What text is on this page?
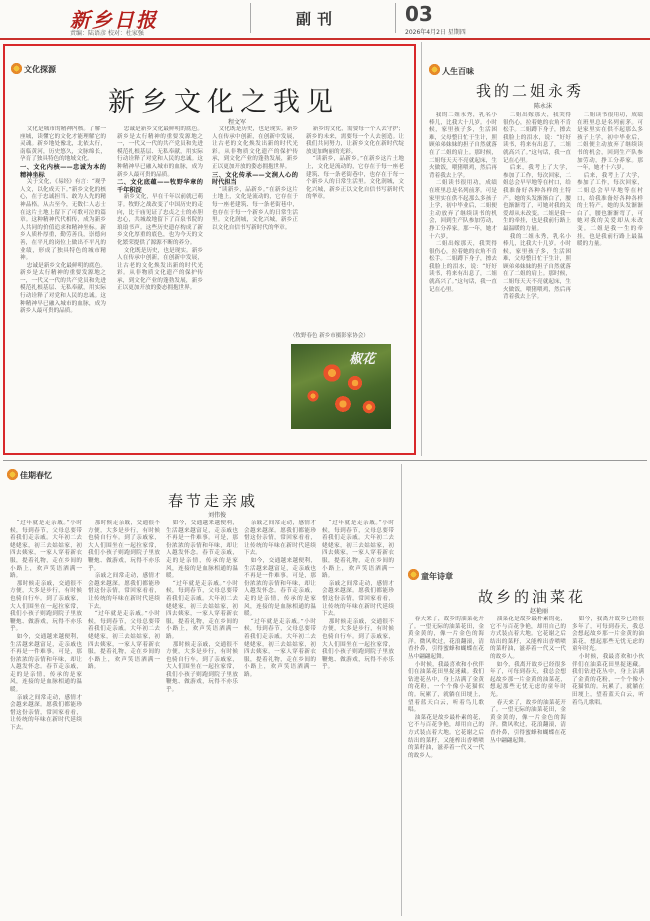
新乡日报
责编：陆语彦 校对：杜家强
副刊	03
2026年4月2日 星期四
文化探源
新乡文化之我见
程文军

文化是城市的精神内核。了解一座城，读懂它的文化才能理解它的灵魂。新乡地处豫北，北依太行，南临黄河，历史悠久，文脉绵长，孕育了独具特色的地域文化。

一、文化内核——忠诚为本的精神坐标

关于文化，《易经》有言：“观乎人文，以化成天下。”新乡文化的核心，在于忠诚担当、敢为人先的精神品格。从古至今，无数仁人志士在这片土地上留下了可歌可泣的篇章。这种精神代代相传，成为新乡人共同的价值追求和精神坐标。新乡人质朴厚重，勤劳善良，崇德向善，在平凡的岗位上做出不平凡的业绩，形成了独具特色的城市精神。

忠诚是新乡文化最鲜明的底色。新乡是太行精神的重要发源地之一，一代又一代的共产党员和先进模范扎根基层、无私奉献，用实际行动诠释了对党和人民的忠诚。这种精神早已融入城市的血脉，成为新乡人最可贵的品质。

忠诚是新乡文化最鲜明的底色。新乡是太行精神的重要发源地之一，一代又一代的共产党员和先进模范扎根基层、无私奉献，用实际行动诠释了对党和人民的忠诚。这种精神早已融入城市的血脉，成为新乡人最可贵的品质。

二、文化底蕴——牧野华章的千年积淀

新乡文化，早在千年以前就已萌芽。牧野之战改变了中国历史的走向，比干庙见证了忠贞之士的赤胆忠心，共城故地留下了百泉书院的琅琅书声。这些历史遗存构成了新乡文化厚重的底色，也为今天的文化繁荣提供了源源不断的养分。

文化既是历史，也是现实。新乡人在传承中创新，在创新中发展，让古老的文化焕发出新的时代光彩。从非物质文化遗产的保护传承，到文化产业的蓬勃发展，新乡正以更加开放的姿态拥抱世界。

文化既是历史，也是现实。新乡人在传承中创新，在创新中发展，让古老的文化焕发出新的时代光彩。从非物质文化遗产的保护传承，到文化产业的蓬勃发展，新乡正以更加开放的姿态拥抱世界。

三、文化传承——文润人心的时代担当

“读新乡，品新乡。”在新乡这片土地上，文化是流动的，它存在于每一座老建筑、每一条老街巷中，也存在于每一个新乡人的日常生活里。文化润城，文化兴城，新乡正以文化自信书写新时代的华章。

新乡的文化，需要每一个人去守护；新乡的未来，需要每一个人去创造。让我们共同努力，让新乡文化在新时代绽放更加绚丽的光彩。

“读新乡，品新乡。”在新乡这片土地上，文化是流动的，它存在于每一座老建筑、每一条老街巷中，也存在于每一个新乡人的日常生活里。文化润城，文化兴城，新乡正以文化自信书写新时代的华章。

（牧野春色 新乡市摄影家协会）
椒花
人生百味
我的二姐永秀
陈永沫

我的二姐永秀，乳名小棒儿，比我大十几岁。小时候，家里孩子多，生活困难，父母整日忙于生计，照顾弟弟妹妹的担子自然就落在了二姐的肩上。那时候，二姐每天天不亮就起床，生火做饭，喂猪喂鸡，然后再背着我去上学。

二姐读书很用功，成绩在班里总是名列前茅。可是家里实在供不起那么多孩子上学，初中毕业后，二姐便主动放弃了继续读书的机会，回到生产队参加劳动，挣工分养家。那一年，她才十六岁。

二姐出嫁那天，我哭得很伤心，拉着她的衣角不肯松手。二姐蹲下身子，擦去我脸上的泪水，说：“好好读书，将来有出息了，二姐就高兴了。”这句话，我一直记在心里。

二姐出嫁那天，我哭得很伤心，拉着她的衣角不肯松手。二姐蹲下身子，擦去我脸上的泪水，说：“好好读书，将来有出息了，二姐就高兴了。”这句话，我一直记在心里。

后来，我考上了大学，参加了工作，每次回家，二姐总会早早地等在村口，给我准备好各种各样的土特产。她的头发渐渐白了，腰也渐渐弯了，可她对我的关爱却从未改变。二姐是我一生的牵挂，也是我前行路上最温暖的力量。

我的二姐永秀，乳名小棒儿，比我大十几岁。小时候，家里孩子多，生活困难，父母整日忙于生计，照顾弟弟妹妹的担子自然就落在了二姐的肩上。那时候，二姐每天天不亮就起床，生火做饭，喂猪喂鸡，然后再背着我去上学。

二姐读书很用功，成绩在班里总是名列前茅。可是家里实在供不起那么多孩子上学，初中毕业后，二姐便主动放弃了继续读书的机会，回到生产队参加劳动，挣工分养家。那一年，她才十六岁。

后来，我考上了大学，参加了工作，每次回家，二姐总会早早地等在村口，给我准备好各种各样的土特产。她的头发渐渐白了，腰也渐渐弯了，可她对我的关爱却从未改变。二姐是我一生的牵挂，也是我前行路上最温暖的力量。

佳期春忆
春节走亲戚
刘伟俊

“过年就是走亲戚。”小时候，每到春节，父母总要带着我们走亲戚。大年初二去姥姥家，初三去姑姑家，初四去姨家，一家人穿着新衣服，提着礼物，走在乡间的小路上，欢声笑语洒满一路。

那时候走亲戚，交通很不方便，大多是步行，有时候也骑自行车。到了亲戚家，大人们围坐在一起拉家常，我们小孩子则跑到院子里放鞭炮、做游戏，玩得不亦乐乎。

如今，交通越来越便利，生活越来越富足，走亲戚也不再是一件难事。可是，那份浓浓的亲情和年味，却让人越发怀念。春节走亲戚，走的是亲情，传承的是家风，连接的是血脉相通的温暖。

亲戚之间常走动，感情才会越来越深。愿我们都能珍惜这份亲情，常回家看看，让传统的年味在新时代延续下去。

那时候走亲戚，交通很不方便，大多是步行，有时候也骑自行车。到了亲戚家，大人们围坐在一起拉家常，我们小孩子则跑到院子里放鞭炮、做游戏，玩得不亦乐乎。

亲戚之间常走动，感情才会越来越深。愿我们都能珍惜这份亲情，常回家看看，让传统的年味在新时代延续下去。

“过年就是走亲戚。”小时候，每到春节，父母总要带着我们走亲戚。大年初二去姥姥家，初三去姑姑家，初四去姨家，一家人穿着新衣服，提着礼物，走在乡间的小路上，欢声笑语洒满一路。

如今，交通越来越便利，生活越来越富足，走亲戚也不再是一件难事。可是，那份浓浓的亲情和年味，却让人越发怀念。春节走亲戚，走的是亲情，传承的是家风，连接的是血脉相通的温暖。

“过年就是走亲戚。”小时候，每到春节，父母总要带着我们走亲戚。大年初二去姥姥家，初三去姑姑家，初四去姨家，一家人穿着新衣服，提着礼物，走在乡间的小路上，欢声笑语洒满一路。

那时候走亲戚，交通很不方便，大多是步行，有时候也骑自行车。到了亲戚家，大人们围坐在一起拉家常，我们小孩子则跑到院子里放鞭炮、做游戏，玩得不亦乐乎。

亲戚之间常走动，感情才会越来越深。愿我们都能珍惜这份亲情，常回家看看，让传统的年味在新时代延续下去。

如今，交通越来越便利，生活越来越富足，走亲戚也不再是一件难事。可是，那份浓浓的亲情和年味，却让人越发怀念。春节走亲戚，走的是亲情，传承的是家风，连接的是血脉相通的温暖。

“过年就是走亲戚。”小时候，每到春节，父母总要带着我们走亲戚。大年初二去姥姥家，初三去姑姑家，初四去姨家，一家人穿着新衣服，提着礼物，走在乡间的小路上，欢声笑语洒满一路。

“过年就是走亲戚。”小时候，每到春节，父母总要带着我们走亲戚。大年初二去姥姥家，初三去姑姑家，初四去姨家，一家人穿着新衣服，提着礼物，走在乡间的小路上，欢声笑语洒满一路。

亲戚之间常走动，感情才会越来越深。愿我们都能珍惜这份亲情，常回家看看，让传统的年味在新时代延续下去。

那时候走亲戚，交通很不方便，大多是步行，有时候也骑自行车。到了亲戚家，大人们围坐在一起拉家常，我们小孩子则跑到院子里放鞭炮、做游戏，玩得不亦乐乎。

童年诗章
故乡的油菜花
赵艳丽

春天来了，故乡的油菜花开了。一望无际的油菜花田，金黄金黄的，像一片金色的海洋。微风吹过，花浪翻滚，清香扑鼻，引得蜜蜂和蝴蝶在花丛中翩翩起舞。

小时候，我最喜欢和小伙伴们在油菜花田里捉迷藏。我们钻进花丛中，身上沾满了金黄的花粉，一个个像小花猫似的。玩累了，就躺在田埂上，望着蓝天白云，听着鸟儿歌唱。

油菜花是故乡最朴素的花，它不与百花争艳，却用自己的方式装点着大地。它花谢之后结出的菜籽，又能榨出香喷喷的菜籽油，滋养着一代又一代的故乡人。

油菜花是故乡最朴素的花，它不与百花争艳，却用自己的方式装点着大地。它花谢之后结出的菜籽，又能榨出香喷喷的菜籽油，滋养着一代又一代的故乡人。

如今，我离开故乡已经很多年了，可每到春天，我总会想起故乡那一片金黄的油菜花，想起那些无忧无虑的童年时光。

春天来了，故乡的油菜花开了。一望无际的油菜花田，金黄金黄的，像一片金色的海洋。微风吹过，花浪翻滚，清香扑鼻，引得蜜蜂和蝴蝶在花丛中翩翩起舞。

如今，我离开故乡已经很多年了，可每到春天，我总会想起故乡那一片金黄的油菜花，想起那些无忧无虑的童年时光。

小时候，我最喜欢和小伙伴们在油菜花田里捉迷藏。我们钻进花丛中，身上沾满了金黄的花粉，一个个像小花猫似的。玩累了，就躺在田埂上，望着蓝天白云，听着鸟儿歌唱。
